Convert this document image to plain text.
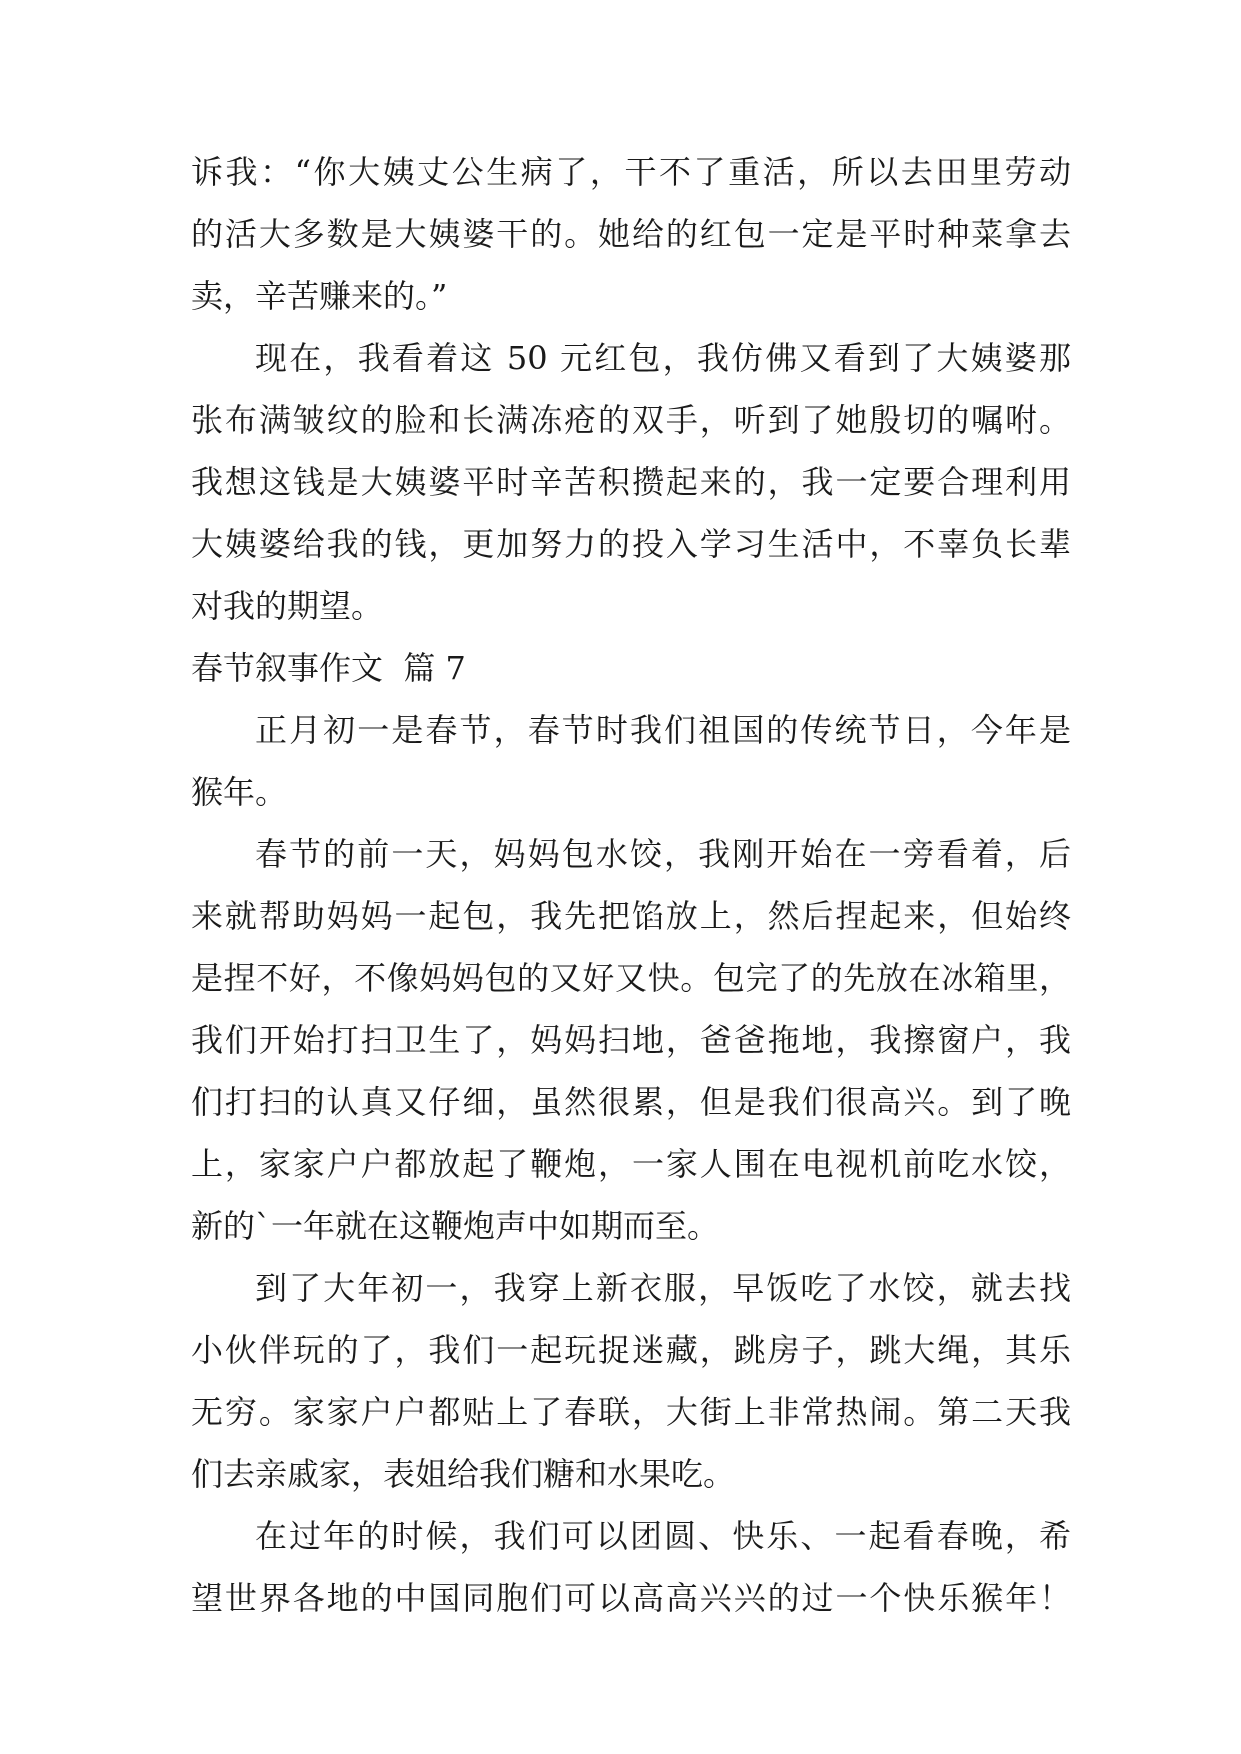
诉我：“你大姨丈公生病了，干不了重活，所以去田里劳动
的活大多数是大姨婆干的。她给的红包一定是平时种菜拿去
卖，辛苦赚来的。”
现在，我看着这 50 元红包，我仿佛又看到了大姨婆那
张布满皱纹的脸和长满冻疮的双手，听到了她殷切的嘱咐。
我想这钱是大姨婆平时辛苦积攒起来的，我一定要合理利用
大姨婆给我的钱，更加努力的投入学习生活中，不辜负长辈
对我的期望。
春节叙事作文  篇 7
正月初一是春节，春节时我们祖国的传统节日，今年是
猴年。
春节的前一天，妈妈包水饺，我刚开始在一旁看着，后
来就帮助妈妈一起包，我先把馅放上，然后捏起来，但始终
是捏不好，不像妈妈包的又好又快。包完了的先放在冰箱里，
我们开始打扫卫生了，妈妈扫地，爸爸拖地，我擦窗户，我
们打扫的认真又仔细，虽然很累，但是我们很高兴。到了晚
上，家家户户都放起了鞭炮，一家人围在电视机前吃水饺，
新的`一年就在这鞭炮声中如期而至。
到了大年初一，我穿上新衣服，早饭吃了水饺，就去找
小伙伴玩的了，我们一起玩捉迷藏，跳房子，跳大绳，其乐
无穷。家家户户都贴上了春联，大街上非常热闹。第二天我
们去亲戚家，表姐给我们糖和水果吃。
在过年的时候，我们可以团圆、快乐、一起看春晚，希
望世界各地的中国同胞们可以高高兴兴的过一个快乐猴年！
